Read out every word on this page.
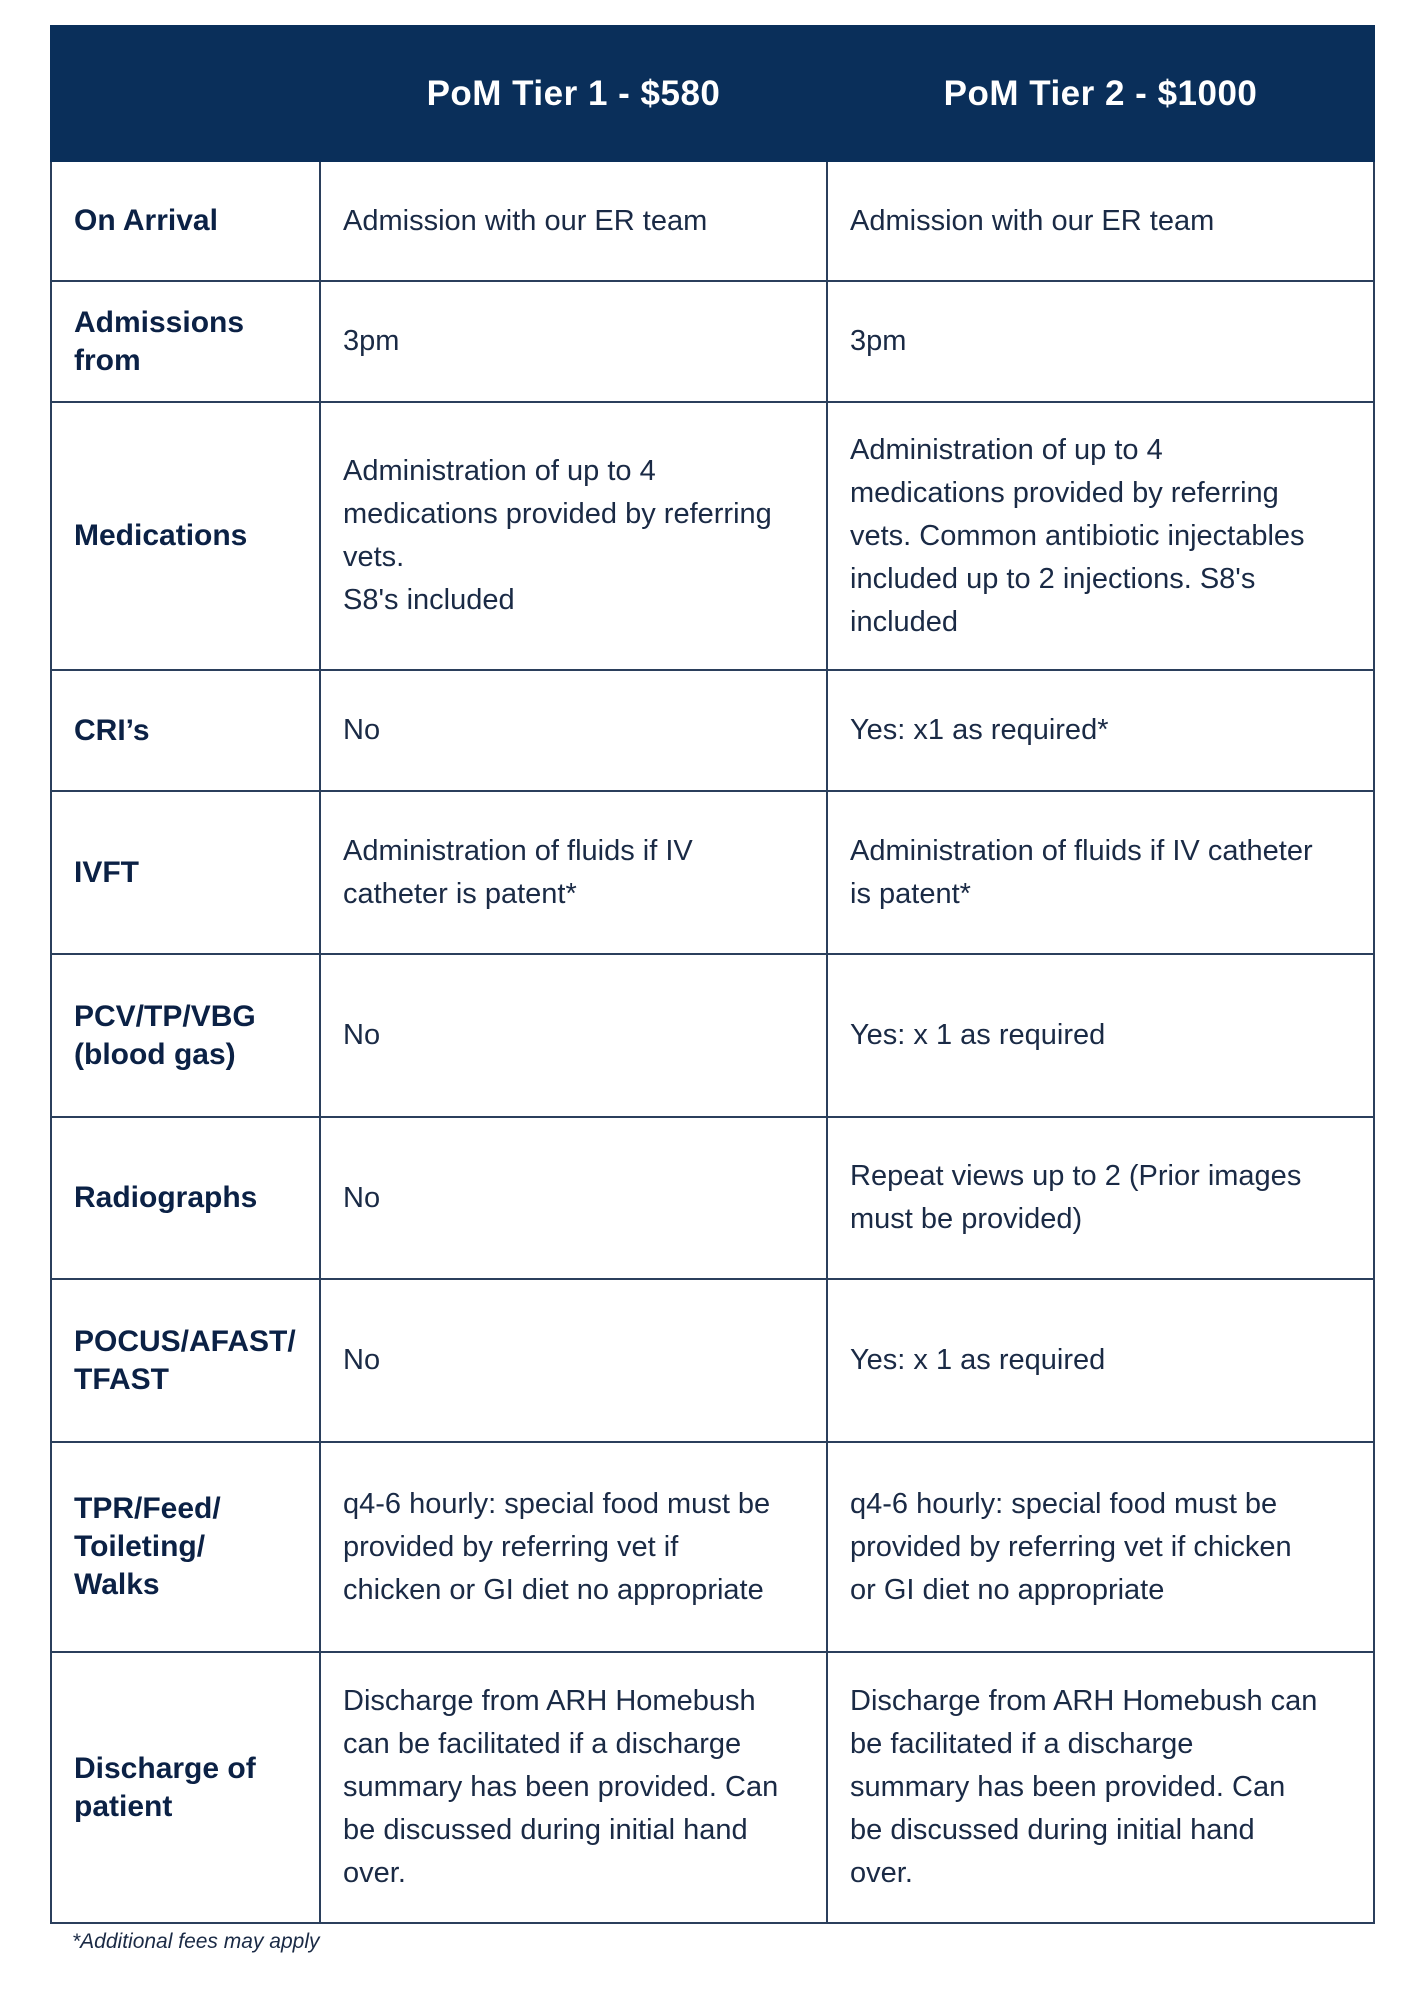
	PoM Tier 1 - $580	PoM Tier 2 - $1000

On Arrival	Admission with our ER team	Admission with our ER team

Admissions from	3pm	3pm

Medications	Administration of up to 4
medications provided by referring
vets.
S8's included	Administration of up to 4
medications provided by referring
vets. Common antibiotic injectables
included up to 2 injections. S8's
included

CRI’s	No	Yes: x1 as required*

IVFT	Administration of fluids if IV
catheter is patent*	Administration of fluids if IV catheter
is patent*

PCV/TP/VBG
(blood gas)	No	Yes: x 1 as required

Radiographs	No	Repeat views up to 2 (Prior images
must be provided)

POCUS/AFAST/
TFAST	No	Yes: x 1 as required

TPR/Feed/
Toileting/
Walks	q4-6 hourly: special food must be
provided by referring vet if
chicken or GI diet no appropriate	q4-6 hourly: special food must be
provided by referring vet if chicken
or GI diet no appropriate

Discharge of
patient	Discharge from ARH Homebush
can be facilitated if a discharge
summary has been provided. Can
be discussed during initial hand
over.	Discharge from ARH Homebush can
be facilitated if a discharge
summary has been provided. Can
be discussed during initial hand
over.
*Additional fees may apply
